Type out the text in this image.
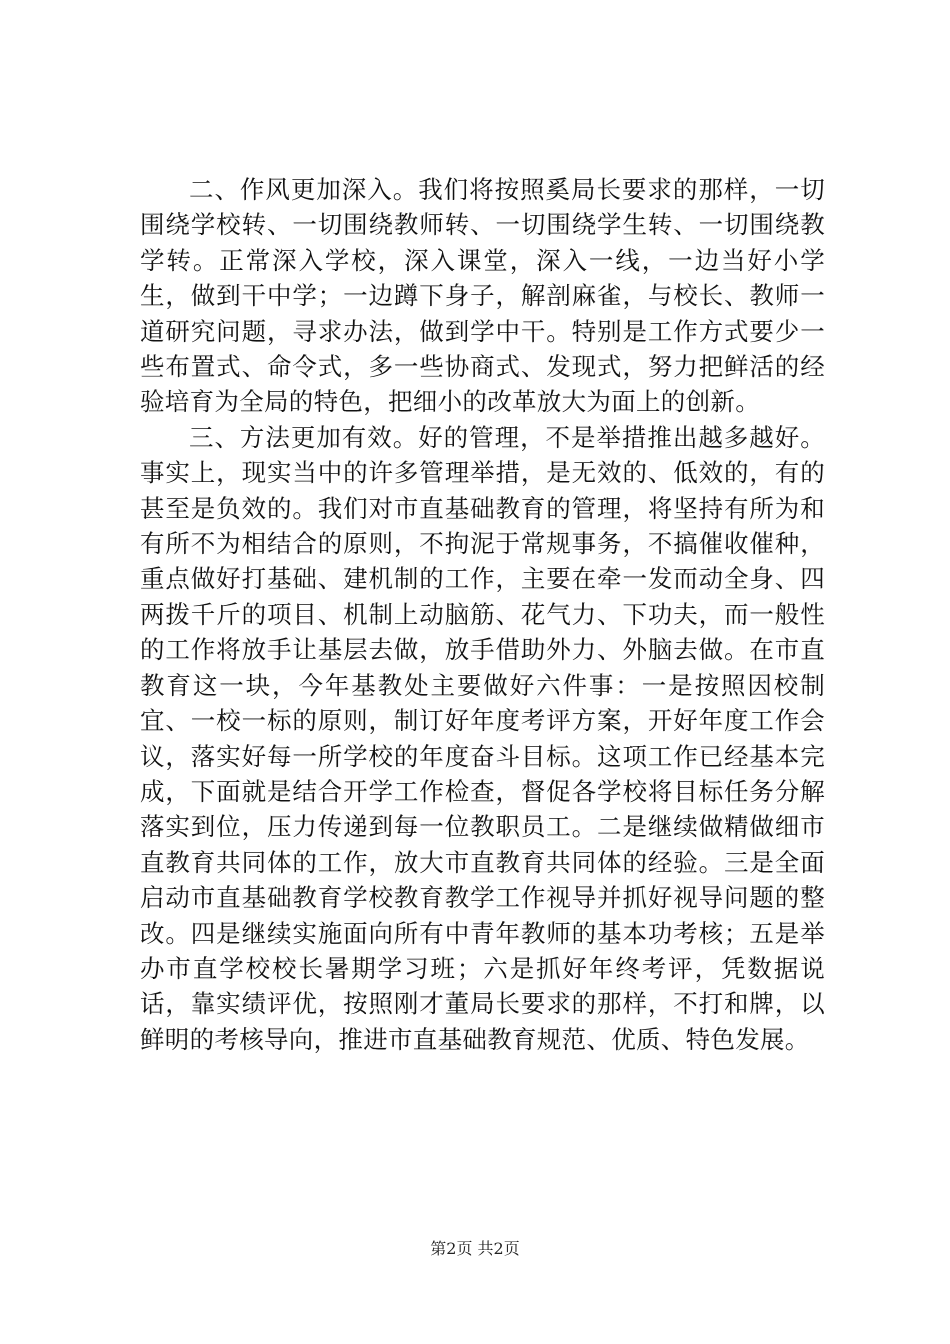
二、作风更加深入。我们将按照奚局长要求的那样，一切围绕学校转、一切围绕教师转、一切围绕学生转、一切围绕教学转。正常深入学校，深入课堂，深入一线，一边当好小学生，做到干中学；一边蹲下身子，解剖麻雀，与校长、教师一道研究问题，寻求办法，做到学中干。特别是工作方式要少一些布置式、命令式，多一些协商式、发现式，努力把鲜活的经验培育为全局的特色，把细小的改革放大为面上的创新。

三、方法更加有效。好的管理，不是举措推出越多越好。事实上，现实当中的许多管理举措，是无效的、低效的，有的甚至是负效的。我们对市直基础教育的管理，将坚持有所为和有所不为相结合的原则，不拘泥于常规事务，不搞催收催种，重点做好打基础、建机制的工作，主要在牵一发而动全身、四两拨千斤的项目、机制上动脑筋、花气力、下功夫，而一般性的工作将放手让基层去做，放手借助外力、外脑去做。在市直教育这一块，今年基教处主要做好六件事：一是按照因校制宜、一校一标的原则，制订好年度考评方案，开好年度工作会议，落实好每一所学校的年度奋斗目标。这项工作已经基本完成，下面就是结合开学工作检查，督促各学校将目标任务分解落实到位，压力传递到每一位教职员工。二是继续做精做细市直教育共同体的工作，放大市直教育共同体的经验。三是全面启动市直基础教育学校教育教学工作视导并抓好视导问题的整改。四是继续实施面向所有中青年教师的基本功考核；五是举办市直学校校长暑期学习班；六是抓好年终考评，凭数据说话，靠实绩评优，按照刚才董局长要求的那样，不打和牌，以鲜明的考核导向，推进市直基础教育规范、优质、特色发展。

第2页 共2页
